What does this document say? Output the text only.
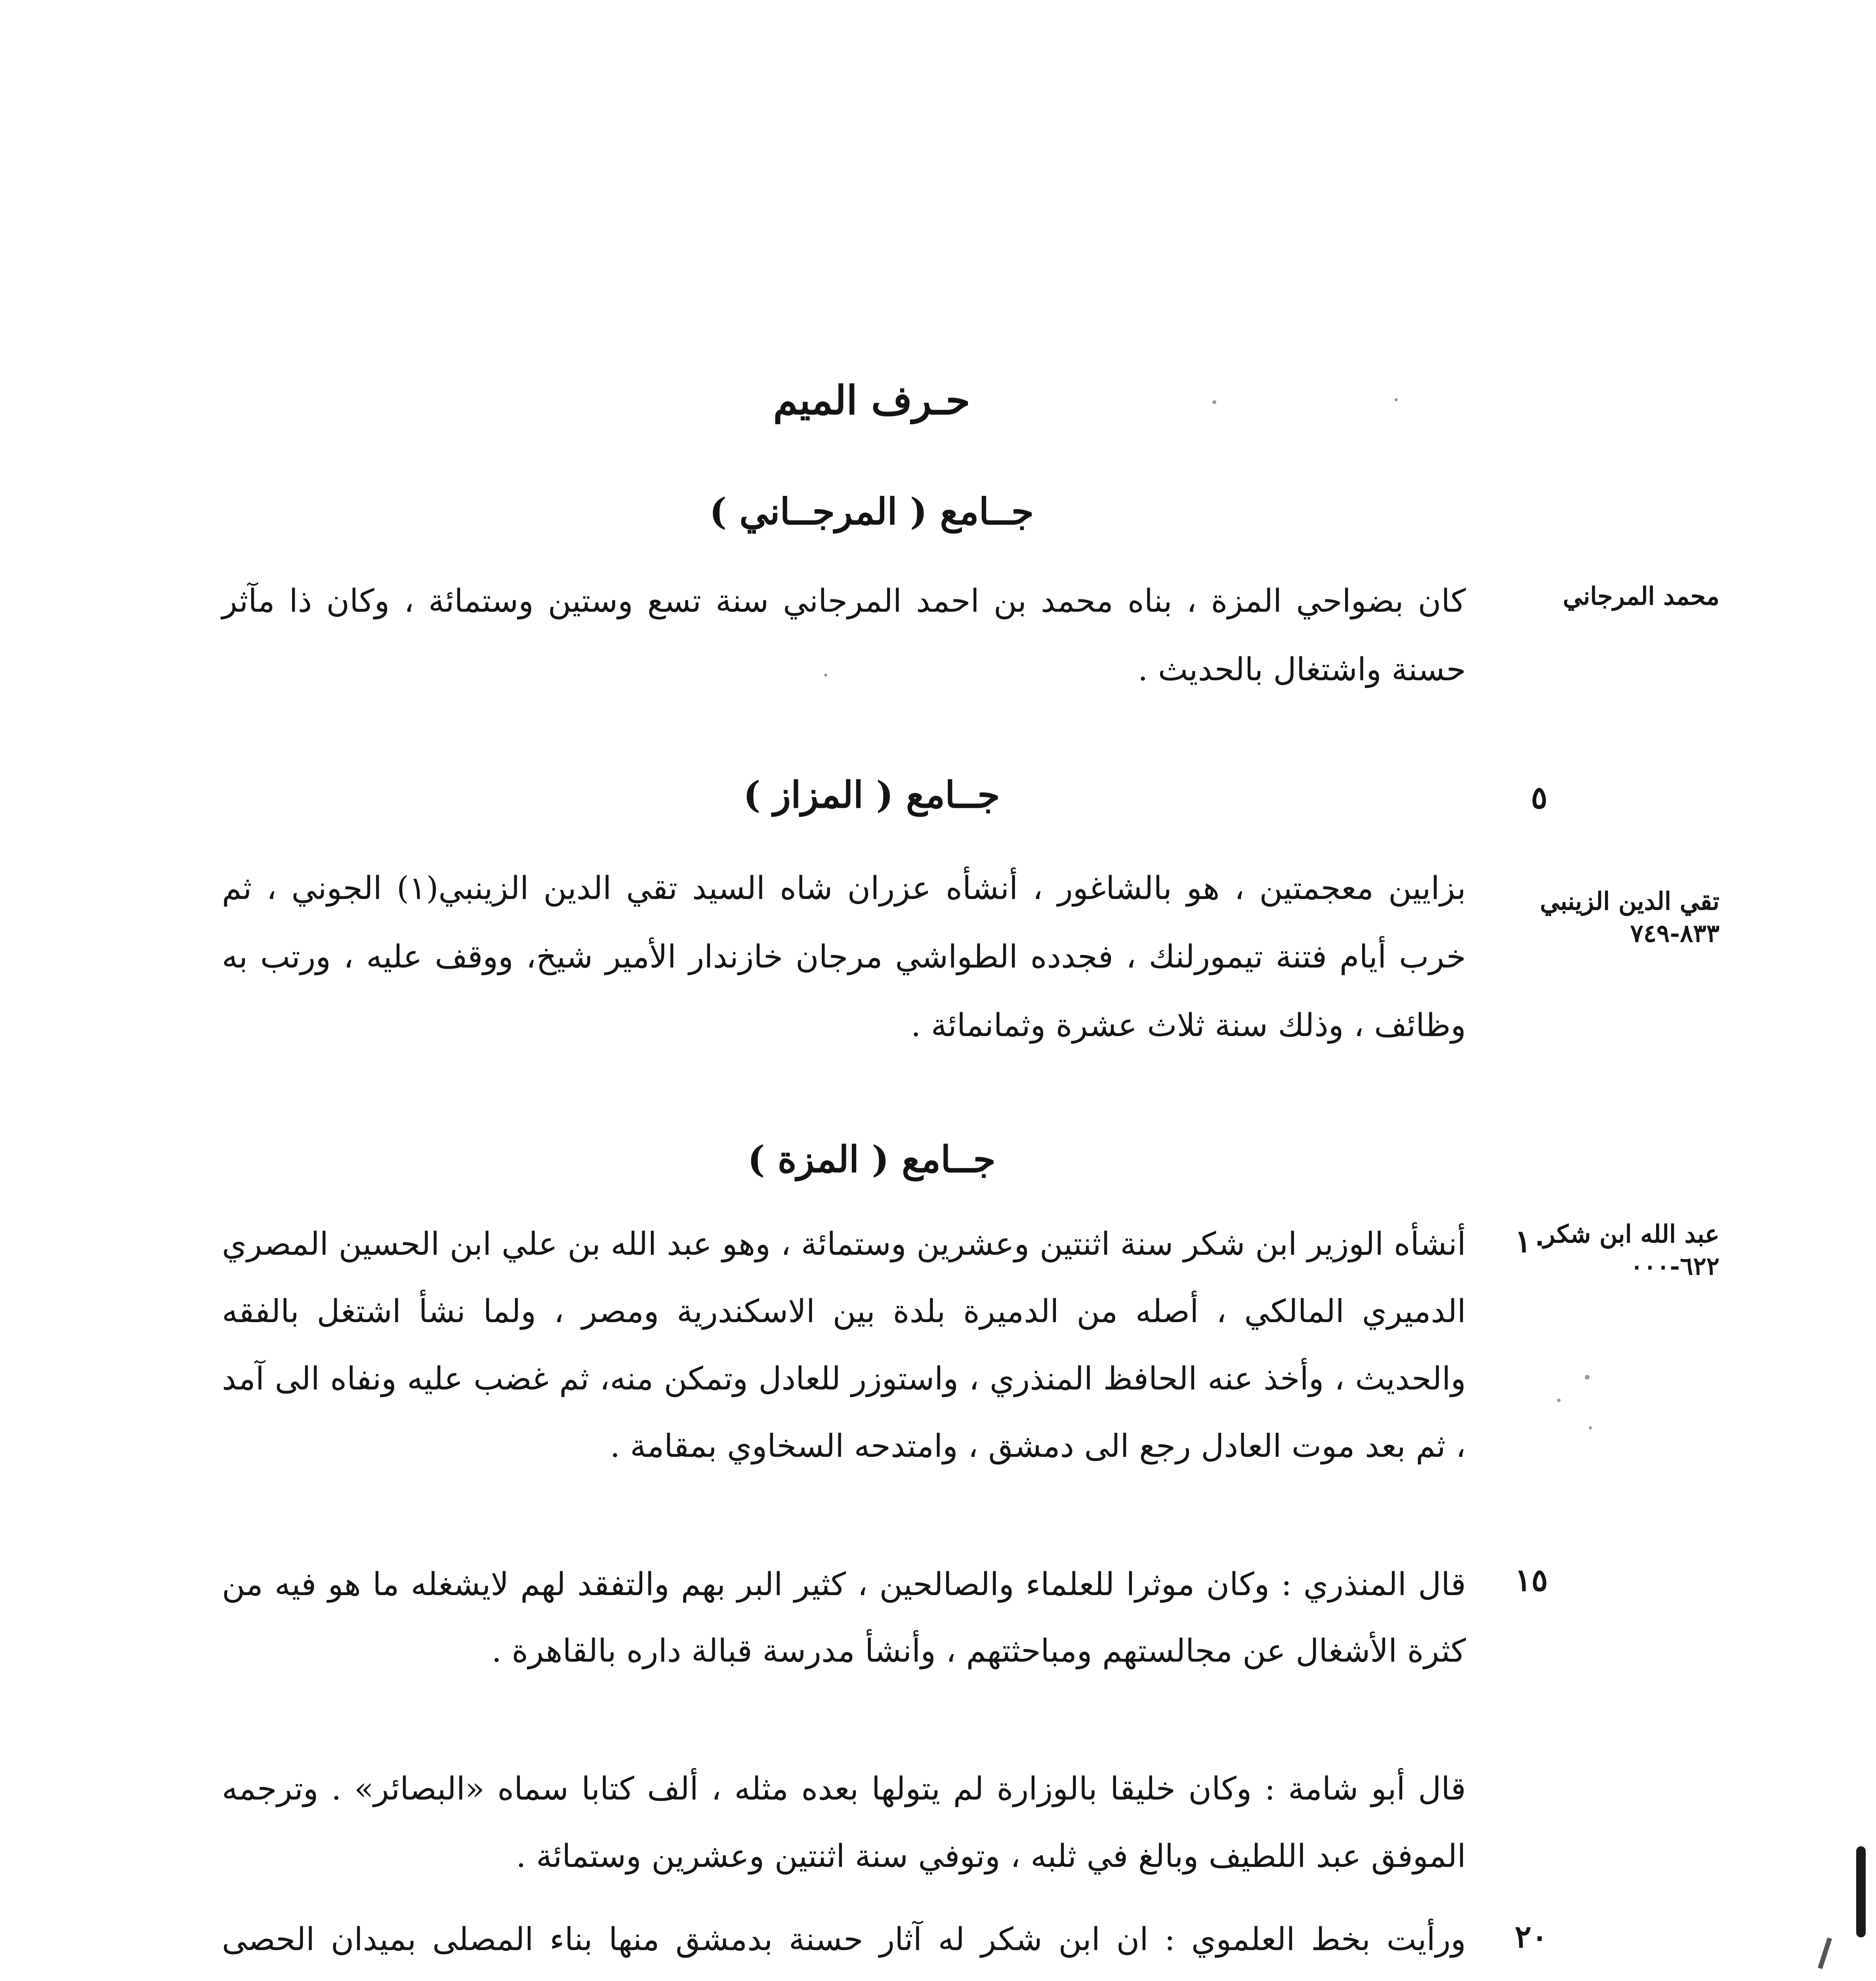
حـرف الميم
جــامع ( المرجــاني )
محمد المرجاني
كان بضواحي المزة ، بناه محمد بن احمد المرجاني سنة تسع وستين وستمائة ، وكان ذا مآثر حسنة واشتغال بالحديث .
٥
جــامع ( المزاز )
تقي الدين الزينبي
٨٣٣-٧٤٩
بزايين معجمتين ، هو بالشاغور ، أنشأه عزران شاه السيد تقي الدين الزينبي(١) الجوني ، ثم خرب أيام فتنة تيمورلنك ، فجدده الطواشي مرجان خازندار الأمير شيخ، ووقف عليه ، ورتب به وظائف ، وذلك سنة ثلاث عشرة وثمانمائة .
جــامع ( المزة )
١٠
عبد الله ابن شكر
٦٢٢-٠٠٠
أنشأه الوزير ابن شكر سنة اثنتين وعشرين وستمائة ، وهو عبد الله بن علي ابن الحسين المصري الدميري المالكي ، أصله من الدميرة بلدة بين الاسكندرية ومصر ، ولما نشأ اشتغل بالفقه والحديث ، وأخذ عنه الحافظ المنذري ، واستوزر للعادل وتمكن منه، ثم غضب عليه ونفاه الى آمد ، ثم بعد موت العادل رجع الى دمشق ، وامتدحه السخاوي بمقامة .
١٥
قال المنذري : وكان موثرا للعلماء والصالحين ، كثير البر بهم والتفقد لهم لايشغله ما هو فيه من كثرة الأشغال عن مجالستهم ومباحثتهم ، وأنشأ مدرسة قبالة داره بالقاهرة .
قال أبو شامة : وكان خليقا بالوزارة لم يتولها بعده مثله ، ألف كتابا سماه «البصائر» . وترجمه الموفق عبد اللطيف وبالغ في ثلبه ، وتوفي سنة اثنتين وعشرين وستمائة .
٢٠
ورأيت بخط العلموي : ان ابن شكر له آثار حسنة بدمشق منها بناء المصلى بميدان الحصى
